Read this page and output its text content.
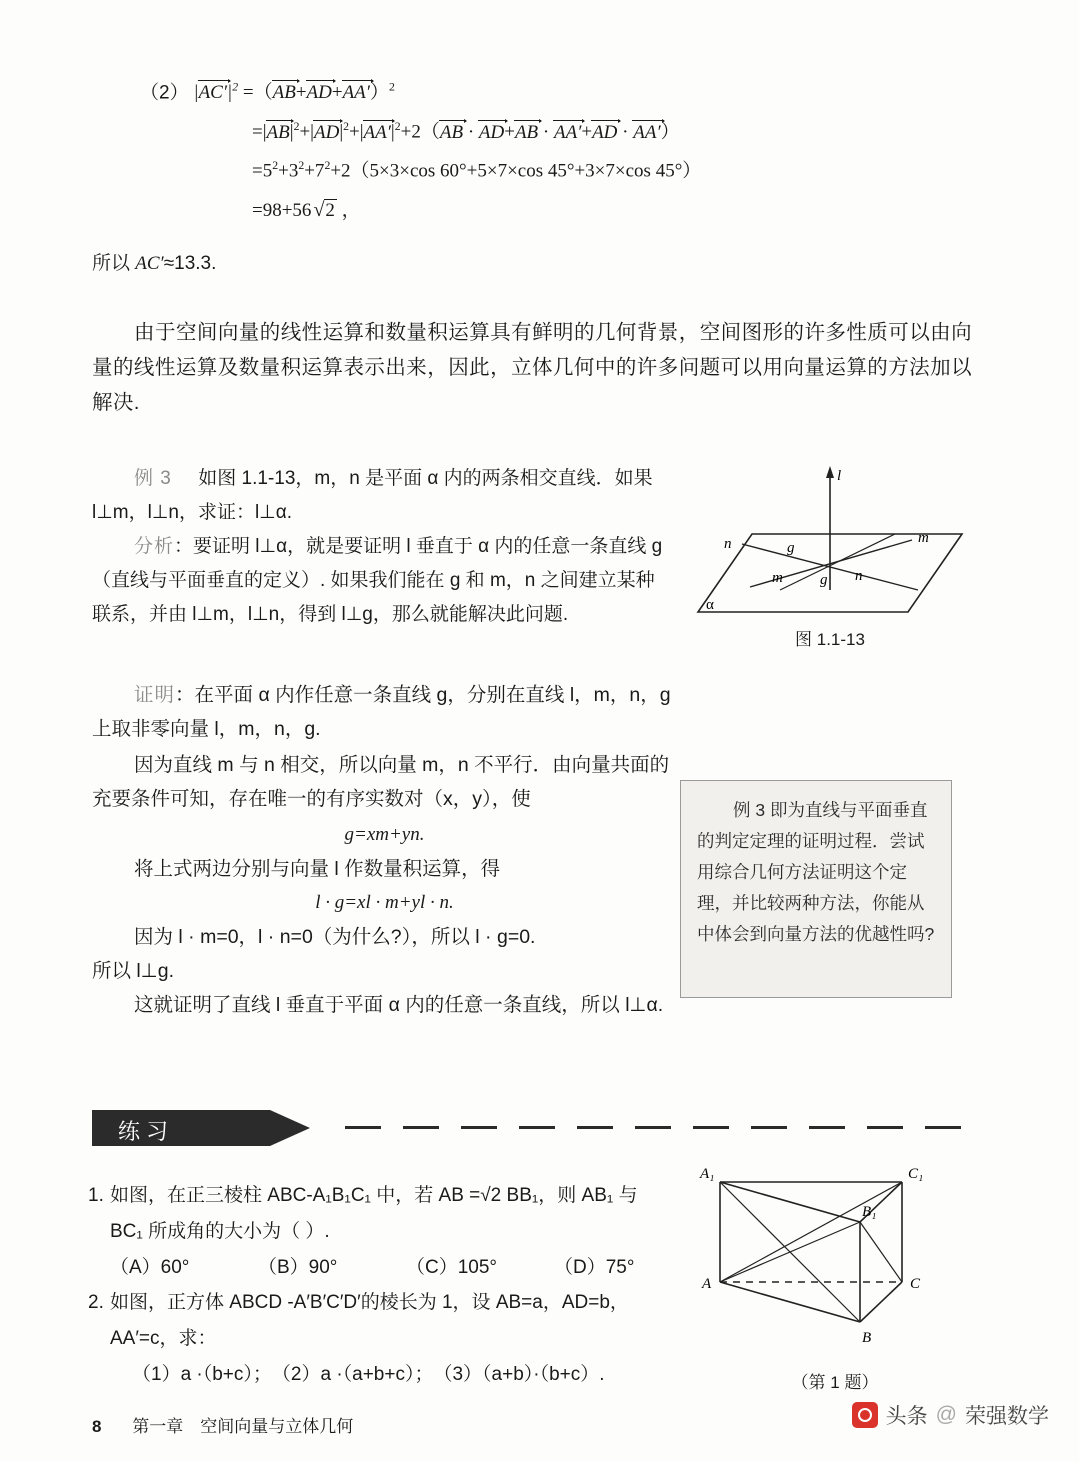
（2） $|AC'|^2 =(AB+AD+AA')^2$
$=|AB|^2+|AD|^2+|AA'|^2+2(AB \cdot AD+AB \cdot AA'+AD \cdot AA')$
$=5^2+3^2+7^2+2(5\times 3\times\cos$ 60°+5×7×cos 45°+3×7×cos 45°）
=98+56 √2 ，
所以 AC′≈13.3.
由于空间向量的线性运算和数量积运算具有鲜明的几何背景，空间图形的许多性质可以由向量的线性运算及数量积运算表示出来，因此，立体几何中的许多问题可以用向量运算的方法加以解决.
例 3 如图 1.1-13，m，n 是平面 α 内的两条相交直线．如果 l⊥m，l⊥n，求证：l⊥α.
分析：要证明 l⊥α，就是要证明 l 垂直于 α 内的任意一条直线 g（直线与平面垂直的定义）. 如果我们能在 g 和 m，n 之间建立某种联系，并由 l⊥m，l⊥n，得到 l⊥g，那么就能解决此问题.
l
m
g
n
m g n
α
图 1.1-13
证明：在平面 α 内作任意一条直线 g，分别在直线 l，m，n，g 上取非零向量 l，m，n，g.
因为直线 m 与 n 相交，所以向量 m，n 不平行．由向量共面的充要条件可知，存在唯一的有序实数对（x，y），使
g=xm+yn.
将上式两边分别与向量 l 作数量积运算，得
l · g=xl · m+yl · n.
因为 l · m=0，l · n=0（为什么?），所以 l · g=0.
所以 l⊥g.
这就证明了直线 l 垂直于平面 α 内的任意一条直线，所以 l⊥α.
例 3 即为直线与平面垂直的判定定理的证明过程．尝试用综合几何方法证明这个定理，并比较两种方法，你能从中体会到向量方法的优越性吗?
练习
1. 如图，在正三棱柱 ABC-A₁B₁C₁ 中，若 AB =√2 BB₁，则 AB₁ 与
BC₁ 所成角的大小为（ ）.
（A）60°	（B）90°	（C）105°	（D）75°
2. 如图，正方体 ABCD -A′B′C′D′的棱长为 1，设 AB=a，AD=b，
AA′=c，求：
（1）a ·（b+c）；　（2）a ·（a+b+c）；　（3）（a+b）·（b+c）.
A₁	C₁
B₁
A	C
B
（第 1 题）
8 第一章　空间向量与立体几何	头条 @ 荣强数学
